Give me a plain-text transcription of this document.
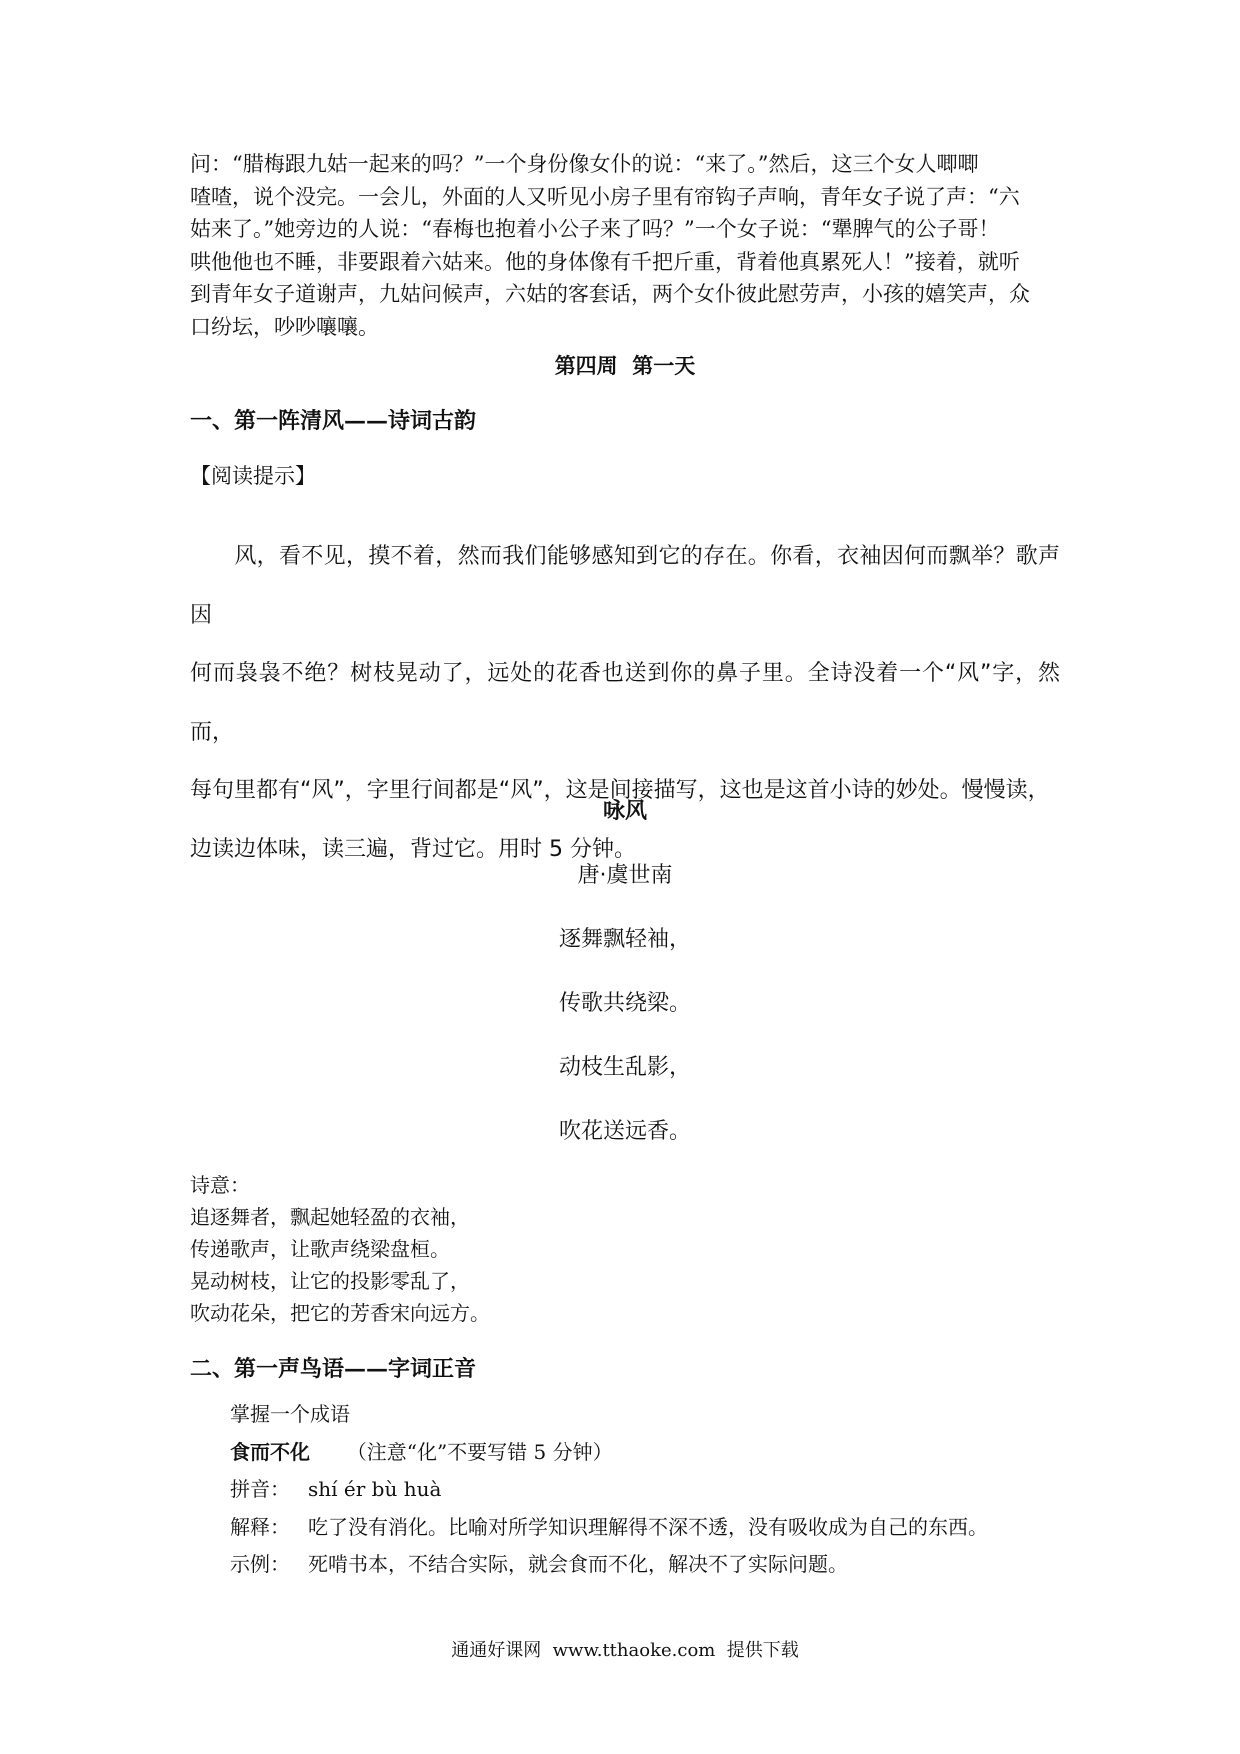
问：“腊梅跟九姑一起来的吗？”一个身份像女仆的说：“来了。”然后，这三个女人唧唧

喳喳，说个没完。一会儿，外面的人又听见小房子里有帘钩子声响，青年女子说了声：“六

姑来了。”她旁边的人说：“春梅也抱着小公子来了吗？”一个女子说：“犟脾气的公子哥！

哄他他也不睡，非要跟着六姑来。他的身体像有千把斤重，背着他真累死人！”接着，就听

到青年女子道谢声，九姑问候声，六姑的客套话，两个女仆彼此慰劳声，小孩的嬉笑声，众

口纷坛，吵吵嚷嚷。

第四周  第一天
一、第一阵清风——诗词古韵
【阅读提示】
风，看不见，摸不着，然而我们能够感知到它的存在。你看，衣袖因何而飘举？歌声因
何而袅袅不绝？树枝晃动了，远处的花香也送到你的鼻子里。全诗没着一个“风”字，然而，
每句里都有“风”，字里行间都是“风”，这是间接描写，这也是这首小诗的妙处。慢慢读，
边读边体味，读三遍，背过它。用时 5 分钟。
咏风
唐·虞世南
逐舞飘轻袖，
传歌共绕梁。
动枝生乱影，
吹花送远香。
诗意：
追逐舞者，飘起她轻盈的衣袖，
传递歌声，让歌声绕梁盘桓。
晃动树枝，让它的投影零乱了，
吹动花朵，把它的芳香宋向远方。
二、第一声鸟语——字词正音
掌握一个成语
食而不化 （注意“化”不要写错 5 分钟）
拼音： shí ér bù huà
解释： 吃了没有消化。比喻对所学知识理解得不深不透，没有吸收成为自己的东西。
示例： 死啃书本，不结合实际，就会食而不化，解决不了实际问题。
通通好课网  www.tthaoke.com  提供下载
